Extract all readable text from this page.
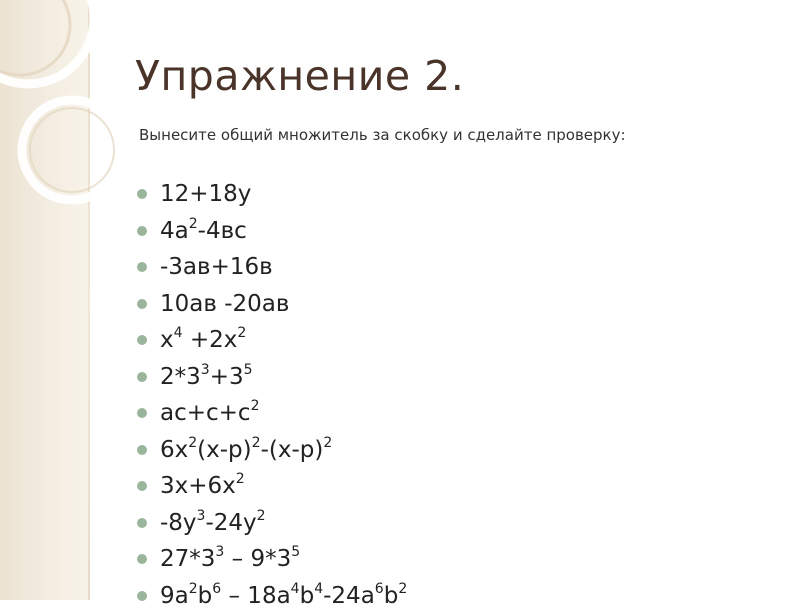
Упражнение 2.
Вынесите общий множитель за скобку и сделайте проверку:
12+18y
$4a^2-4вс$
-3ав+16в
10ав -20ав
$x^4 +2x^2$
$2*3^3+3^5$
$ac+c+c^2$
$6x^2(x-p)^2-(x-p)^2$
$3x+6x^2$
$-8y^3-24y^2$
$27*3^3 - 9*3^5$
$9a^2b^6 - 18a^4b^4-24a^6b^2$
